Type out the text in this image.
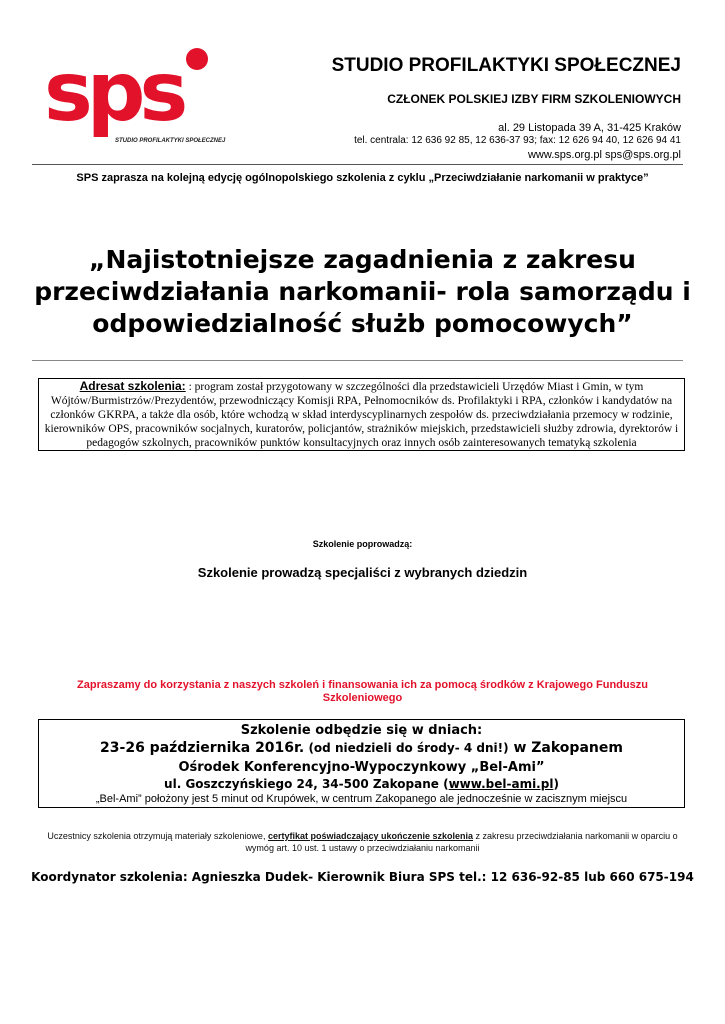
sps
STUDIO PROFILAKTYKI SPOŁECZNEJ
STUDIO PROFILAKTYKI SPOŁECZNEJ
CZŁONEK POLSKIEJ IZBY FIRM SZKOLENIOWYCH
al. 29 Listopada 39 A, 31-425 Kraków
tel. centrala: 12 636 92 85, 12 636-37 93; fax: 12 626 94 40, 12 626 94 41
www.sps.org.pl sps@sps.org.pl
SPS zaprasza na kolejną edycję ogólnopolskiego szkolenia z cyklu „Przeciwdziałanie narkomanii w praktyce”
„Najistotniejsze zagadnienia z zakresu
przeciwdziałania narkomanii- rola samorządu i
odpowiedzialność służb pomocowych”
Adresat szkolenia: : program został przygotowany w szczególności dla przedstawicieli Urzędów Miast i Gmin, w tym Wójtów/Burmistrzów/Prezydentów, przewodniczący Komisji RPA, Pełnomocników ds. Profilaktyki i RPA, członków i kandydatów na członków GKRPA, a także dla osób, które wchodzą w skład interdyscyplinarnych zespołów ds. przeciwdziałania przemocy w rodzinie, kierowników OPS, pracowników socjalnych, kuratorów, policjantów, strażników miejskich, przedstawicieli służby zdrowia, dyrektorów i pedagogów szkolnych, pracowników punktów konsultacyjnych oraz innych osób zainteresowanych tematyką szkolenia
Szkolenie poprowadzą:
Szkolenie prowadzą specjaliści z wybranych dziedzin
Zapraszamy do korzystania z naszych szkoleń i finansowania ich za pomocą środków z Krajowego Funduszu Szkoleniowego
Szkolenie odbędzie się w dniach:
23-26 października 2016r. (od niedzieli do środy- 4 dni!) w Zakopanem
Ośrodek Konferencyjno-Wypoczynkowy „Bel-Ami”
ul. Goszczyńskiego 24, 34-500 Zakopane (www.bel-ami.pl)
„Bel-Ami” położony jest 5 minut od Krupówek, w centrum Zakopanego ale jednocześnie w zacisznym miejscu
Uczestnicy szkolenia otrzymują materiały szkoleniowe, certyfikat poświadczający ukończenie szkolenia z zakresu przeciwdziałania narkomanii w oparciu o wymóg art. 10 ust. 1 ustawy o przeciwdziałaniu narkomanii
Koordynator szkolenia: Agnieszka Dudek- Kierownik Biura SPS tel.: 12 636-92-85 lub 660 675-194
